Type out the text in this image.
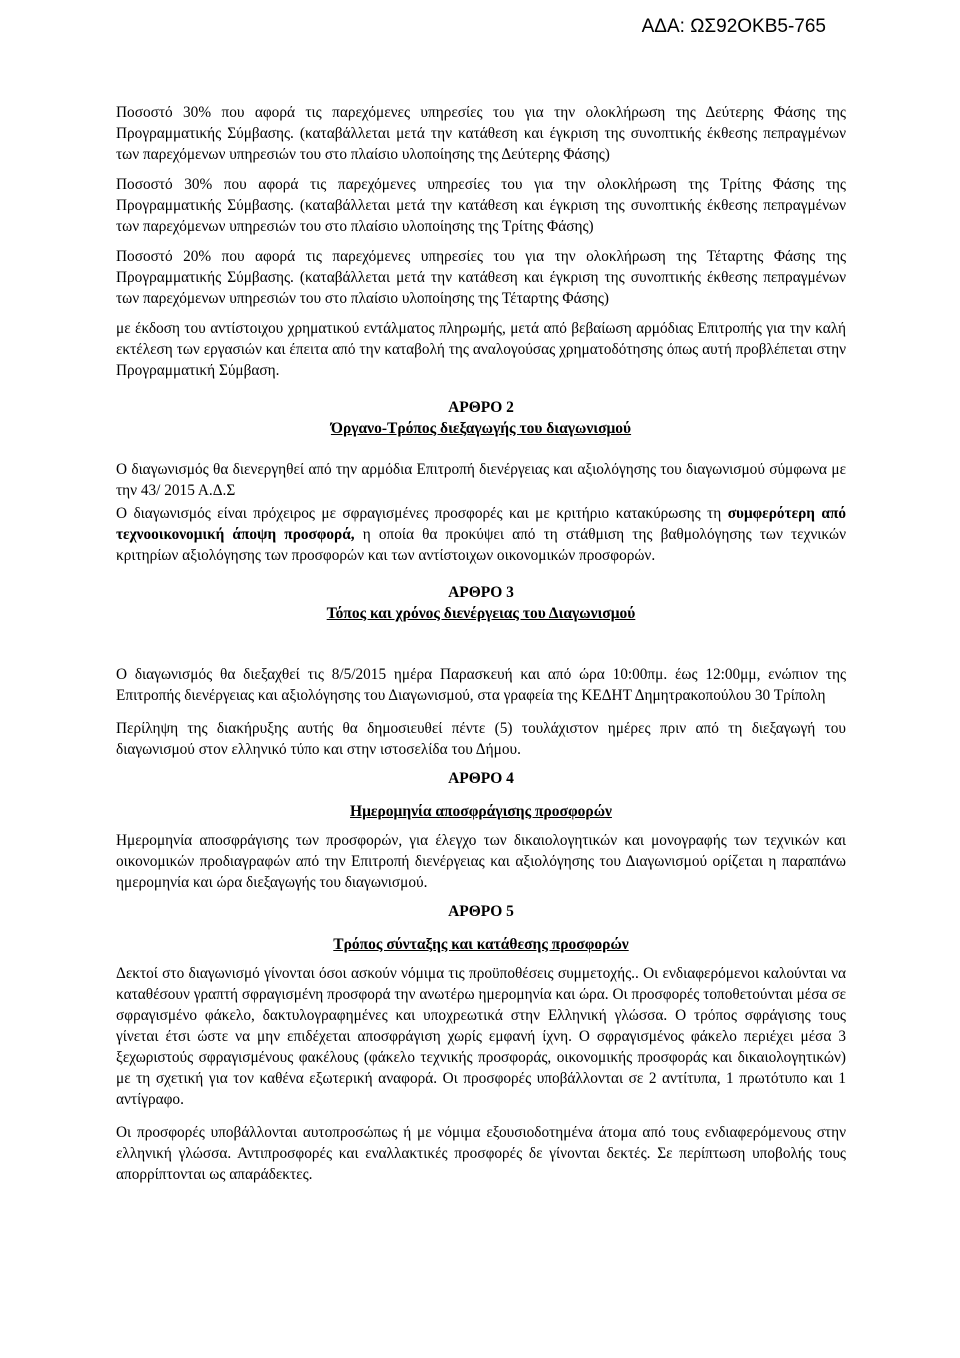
ΑΔΑ: ΩΣ92ΟΚΒ5-765

Ποσοστό 30% που αφορά τις παρεχόμενες υπηρεσίες του για την ολοκλήρωση της Δεύτερης Φάσης της Προγραμματικής Σύμβασης. (καταβάλλεται μετά την κατάθεση και έγκριση της συνοπτικής έκθεσης πεπραγμένων των παρεχόμενων υπηρεσιών του στο πλαίσιο υλοποίησης της Δεύτερης Φάσης)

Ποσοστό 30% που αφορά τις παρεχόμενες υπηρεσίες του για την ολοκλήρωση της Τρίτης Φάσης της Προγραμματικής Σύμβασης. (καταβάλλεται μετά την κατάθεση και έγκριση της συνοπτικής έκθεσης πεπραγμένων των παρεχόμενων υπηρεσιών του στο πλαίσιο υλοποίησης της Τρίτης Φάσης)

Ποσοστό 20% που αφορά τις παρεχόμενες υπηρεσίες του για την ολοκλήρωση της Τέταρτης Φάσης της Προγραμματικής Σύμβασης. (καταβάλλεται μετά την κατάθεση και έγκριση της συνοπτικής έκθεσης πεπραγμένων των παρεχόμενων υπηρεσιών του στο πλαίσιο υλοποίησης της Τέταρτης Φάσης)

με έκδοση του αντίστοιχου χρηματικού εντάλματος πληρωμής, μετά από βεβαίωση αρμόδιας Επιτροπής για την καλή εκτέλεση των εργασιών και έπειτα από την καταβολή της αναλογούσας χρηματοδότησης όπως αυτή προβλέπεται στην Προγραμματική Σύμβαση.

ΑΡΘΡΟ 2
Όργανο-Τρόπος διεξαγωγής του διαγωνισμού

Ο διαγωνισμός θα διενεργηθεί από την αρμόδια Επιτροπή διενέργειας και αξιολόγησης του διαγωνισμού σύμφωνα με την 43/ 2015 Α.Δ.Σ

Ο διαγωνισμός είναι πρόχειρος με σφραγισμένες προσφορές και με κριτήριο κατακύρωσης τη συμφερότερη από τεχνοοικονομική άποψη προσφορά, η οποία θα προκύψει από τη στάθμιση της βαθμολόγησης των τεχνικών κριτηρίων αξιολόγησης των προσφορών και των αντίστοιχων οικονομικών προσφορών.

ΑΡΘΡΟ 3
Τόπος και χρόνος διενέργειας του Διαγωνισμού

Ο διαγωνισμός θα διεξαχθεί τις 8/5/2015 ημέρα Παρασκευή και από ώρα 10:00πμ. έως 12:00μμ, ενώπιον της Επιτροπής διενέργειας και αξιολόγησης του Διαγωνισμού, στα γραφεία της ΚΕΔΗΤ Δημητρακοπούλου 30 Τρίπολη

Περίληψη της διακήρυξης αυτής θα δημοσιευθεί πέντε (5) τουλάχιστον ημέρες πριν από τη διεξαγωγή του διαγωνισμού στον ελληνικό τύπο και στην ιστοσελίδα του Δήμου.

ΑΡΘΡΟ 4
Ημερομηνία αποσφράγισης προσφορών

Ημερομηνία αποσφράγισης των προσφορών, για έλεγχο των δικαιολογητικών και μονογραφής των τεχνικών και οικονομικών προδιαγραφών από την Επιτροπή διενέργειας και αξιολόγησης του Διαγωνισμού ορίζεται η παραπάνω ημερομηνία και ώρα διεξαγωγής του διαγωνισμού.

ΑΡΘΡΟ 5
Τρόπος σύνταξης και κατάθεσης προσφορών

Δεκτοί στο διαγωνισμό γίνονται όσοι ασκούν νόμιμα τις προϋποθέσεις συμμετοχής.. Οι ενδιαφερόμενοι καλούνται να καταθέσουν γραπτή σφραγισμένη προσφορά την ανωτέρω ημερομηνία και ώρα. Οι προσφορές τοποθετούνται μέσα σε σφραγισμένο φάκελο, δακτυλογραφημένες και υποχρεωτικά στην Ελληνική γλώσσα. Ο τρόπος σφράγισης τους γίνεται έτσι ώστε να μην επιδέχεται αποσφράγιση χωρίς εμφανή ίχνη. Ο σφραγισμένος φάκελο περιέχει μέσα 3 ξεχωριστούς σφραγισμένους φακέλους (φάκελο τεχνικής προσφοράς, οικονομικής προσφοράς και δικαιολογητικών) με τη σχετική για τον καθένα εξωτερική αναφορά. Οι προσφορές υποβάλλονται σε 2 αντίτυπα, 1 πρωτότυπο και 1 αντίγραφο.

Οι προσφορές υποβάλλονται αυτοπροσώπως ή με νόμιμα εξουσιοδοτημένα άτομα από τους ενδιαφερόμενους στην ελληνική γλώσσα. Αντιπροσφορές και εναλλακτικές προσφορές δε γίνονται δεκτές. Σε περίπτωση υποβολής τους απορρίπτονται ως απαράδεκτες.
